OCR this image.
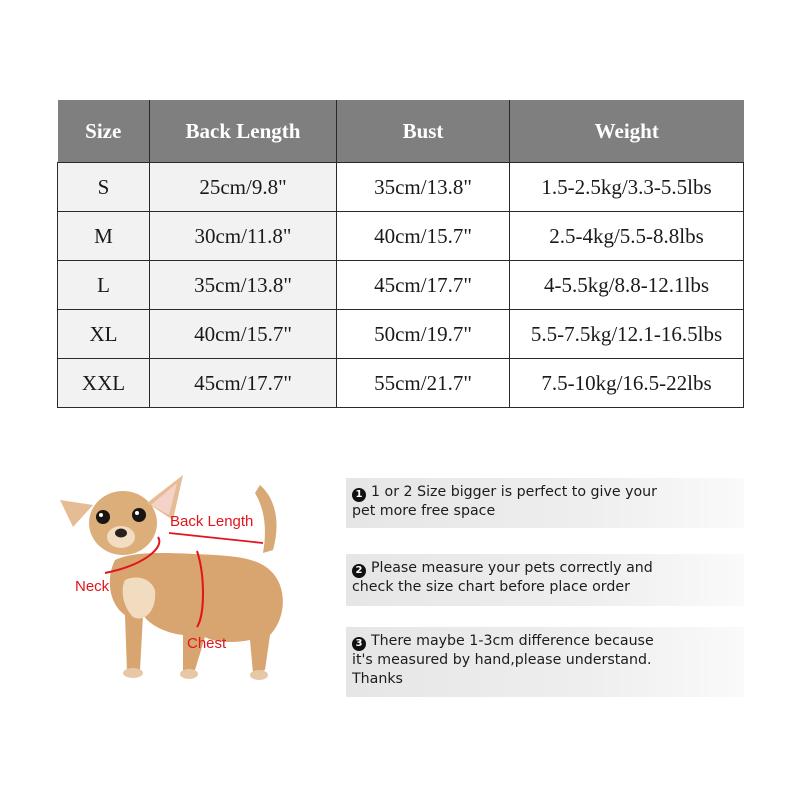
Size	Back Length	Bust	Weight
S	25cm/9.8"	35cm/13.8"	1.5-2.5kg/3.3-5.5lbs
M	30cm/11.8"	40cm/15.7"	2.5-4kg/5.5-8.8lbs
L	35cm/13.8"	45cm/17.7"	4-5.5kg/8.8-12.1lbs
XL	40cm/15.7"	50cm/19.7"	5.5-7.5kg/12.1-16.5lbs
XXL	45cm/17.7"	55cm/21.7"	7.5-10kg/16.5-22lbs
Back Length
Neck
Chest
1 1 or 2 Size bigger is perfect to give your
pet more free space
2 Please measure your pets correctly and
check the size chart before place order
3 There maybe 1-3cm difference because
it's measured by hand,please understand.
Thanks
